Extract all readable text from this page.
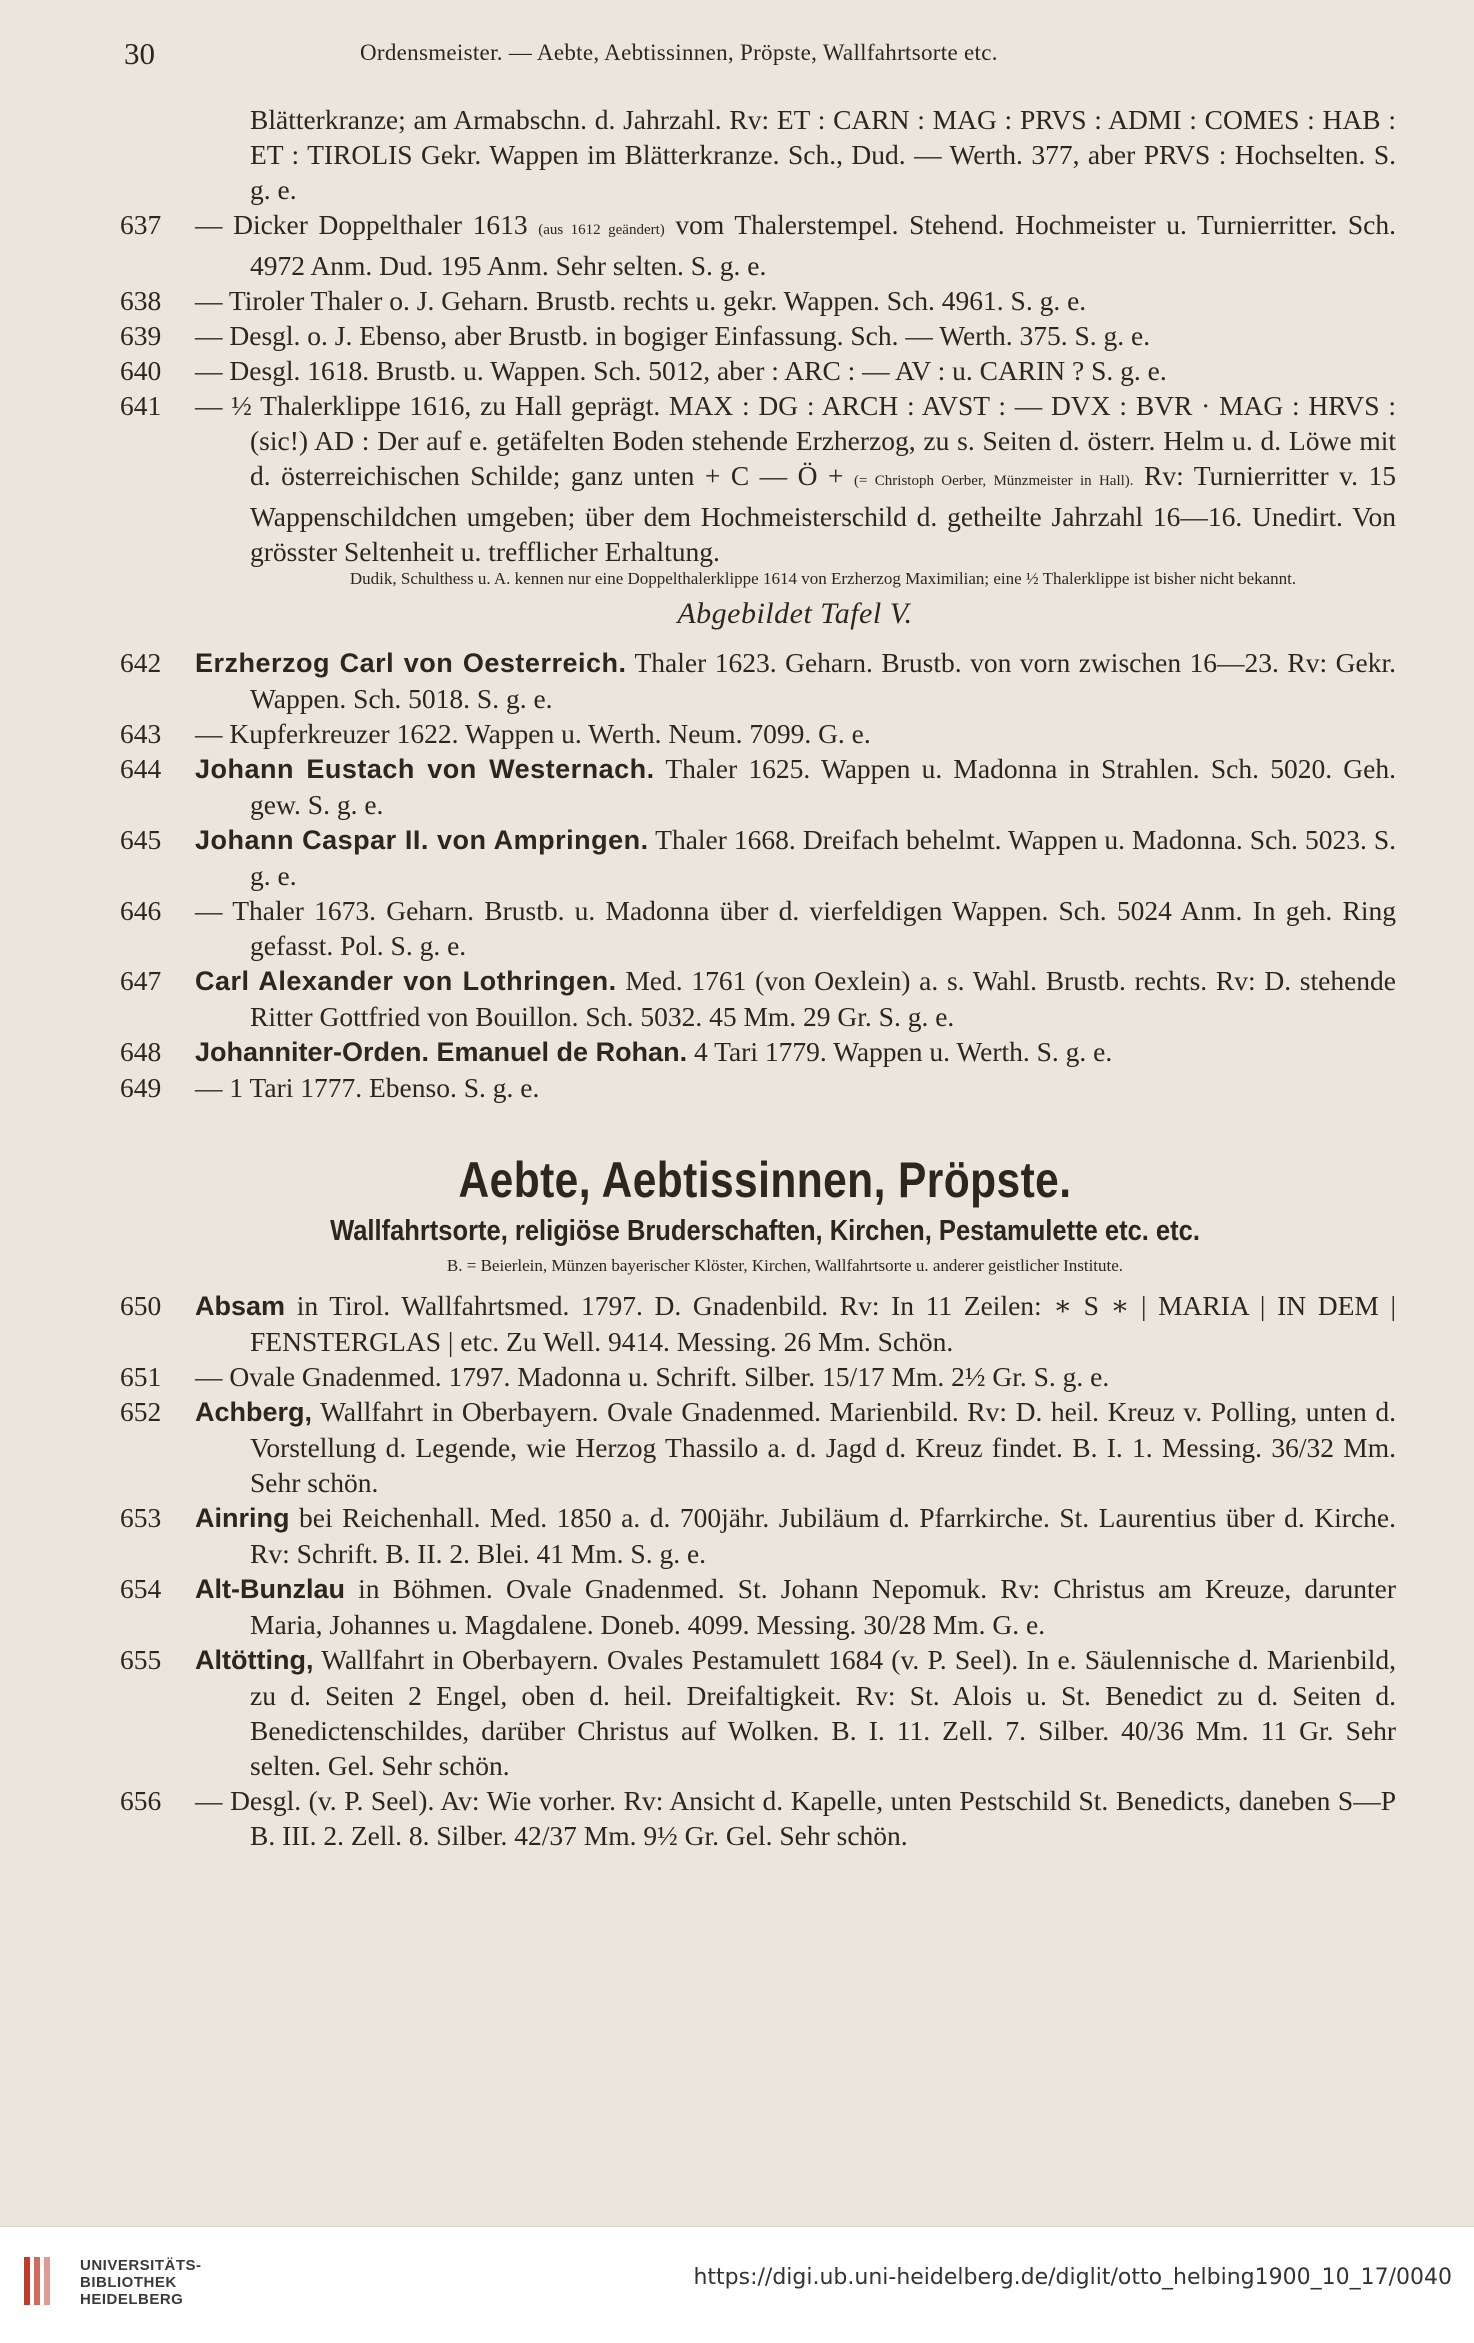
30	Ordensmeister. — Aebte, Aebtissinnen, Pröpste, Wallfahrtsorte etc.
Blätterkranze; am Armabschn. d. Jahrzahl. Rv: ET : CARN : MAG : PRVS : ADMI : COMES : HAB : ET : TIROLIS Gekr. Wappen im Blätterkranze. Sch., Dud. — Werth. 377, aber PRVS : Hochselten. S. g. e.
637	— Dicker Doppelthaler 1613 (aus 1612 geändert) vom Thalerstempel. Stehend. Hochmeister u. Turnierritter. Sch. 4972 Anm. Dud. 195 Anm. Sehr selten. S. g. e.
638	— Tiroler Thaler o. J. Geharn. Brustb. rechts u. gekr. Wappen. Sch. 4961. S. g. e.
639	— Desgl. o. J. Ebenso, aber Brustb. in bogiger Einfassung. Sch. — Werth. 375. S. g. e.
640	— Desgl. 1618. Brustb. u. Wappen. Sch. 5012, aber : ARC : — AV : u. CARIN ? S. g. e.
641	— ½ Thalerklippe 1616, zu Hall geprägt. MAX : DG : ARCH : AVST : — DVX : BVR · MAG : HRVS : (sic!) AD : Der auf e. getäfelten Boden stehende Erzherzog, zu s. Seiten d. österr. Helm u. d. Löwe mit d. österreichischen Schilde; ganz unten + C — Ö + (= Christoph Oerber, Münzmeister in Hall). Rv: Turnierritter v. 15 Wappenschildchen umgeben; über dem Hochmeisterschild d. getheilte Jahrzahl 16—16. Unedirt. Von grösster Seltenheit u. trefflicher Erhaltung.
Dudik, Schulthess u. A. kennen nur eine Doppelthalerklippe 1614 von Erzherzog Maximilian; eine ½ Thalerklippe ist bisher nicht bekannt.
Abgebildet Tafel V.
642	Erzherzog Carl von Oesterreich. Thaler 1623. Geharn. Brustb. von vorn zwischen 16—23. Rv: Gekr. Wappen. Sch. 5018. S. g. e.
643	— Kupferkreuzer 1622. Wappen u. Werth. Neum. 7099. G. e.
644	Johann Eustach von Westernach. Thaler 1625. Wappen u. Madonna in Strahlen. Sch. 5020. Geh. gew. S. g. e.
645	Johann Caspar II. von Ampringen. Thaler 1668. Dreifach behelmt. Wappen u. Madonna. Sch. 5023. S. g. e.
646	— Thaler 1673. Geharn. Brustb. u. Madonna über d. vierfeldigen Wappen. Sch. 5024 Anm. In geh. Ring gefasst. Pol. S. g. e.
647	Carl Alexander von Lothringen. Med. 1761 (von Oexlein) a. s. Wahl. Brustb. rechts. Rv: D. stehende Ritter Gottfried von Bouillon. Sch. 5032. 45 Mm. 29 Gr. S. g. e.
648	Johanniter-Orden. Emanuel de Rohan. 4 Tari 1779. Wappen u. Werth. S. g. e.
649	— 1 Tari 1777. Ebenso. S. g. e.
Aebte, Aebtissinnen, Pröpste.
Wallfahrtsorte, religiöse Bruderschaften, Kirchen, Pestamulette etc. etc.
B. = Beierlein, Münzen bayerischer Klöster, Kirchen, Wallfahrtsorte u. anderer geistlicher Institute.
650	Absam in Tirol. Wallfahrtsmed. 1797. D. Gnadenbild. Rv: In 11 Zeilen: ∗ S ∗ | MARIA | IN DEM | FENSTERGLAS | etc. Zu Well. 9414. Messing. 26 Mm. Schön.
651	— Ovale Gnadenmed. 1797. Madonna u. Schrift. Silber. 15/17 Mm. 2½ Gr. S. g. e.
652	Achberg, Wallfahrt in Oberbayern. Ovale Gnadenmed. Marienbild. Rv: D. heil. Kreuz v. Polling, unten d. Vorstellung d. Legende, wie Herzog Thassilo a. d. Jagd d. Kreuz findet. B. I. 1. Messing. 36/32 Mm. Sehr schön.
653	Ainring bei Reichenhall. Med. 1850 a. d. 700jähr. Jubiläum d. Pfarrkirche. St. Laurentius über d. Kirche. Rv: Schrift. B. II. 2. Blei. 41 Mm. S. g. e.
654	Alt-Bunzlau in Böhmen. Ovale Gnadenmed. St. Johann Nepomuk. Rv: Christus am Kreuze, darunter Maria, Johannes u. Magdalene. Doneb. 4099. Messing. 30/28 Mm. G. e.
655	Altötting, Wallfahrt in Oberbayern. Ovales Pestamulett 1684 (v. P. Seel). In e. Säulennische d. Marienbild, zu d. Seiten 2 Engel, oben d. heil. Dreifaltigkeit. Rv: St. Alois u. St. Benedict zu d. Seiten d. Benedictenschildes, darüber Christus auf Wolken. B. I. 11. Zell. 7. Silber. 40/36 Mm. 11 Gr. Sehr selten. Gel. Sehr schön.
656	— Desgl. (v. P. Seel). Av: Wie vorher. Rv: Ansicht d. Kapelle, unten Pestschild St. Benedicts, daneben S—P B. III. 2. Zell. 8. Silber. 42/37 Mm. 9½ Gr. Gel. Sehr schön.
UNIVERSITÄTS-
BIBLIOTHEK
HEIDELBERG
https://digi.ub.uni-heidelberg.de/diglit/otto_helbing1900_10_17/0040
